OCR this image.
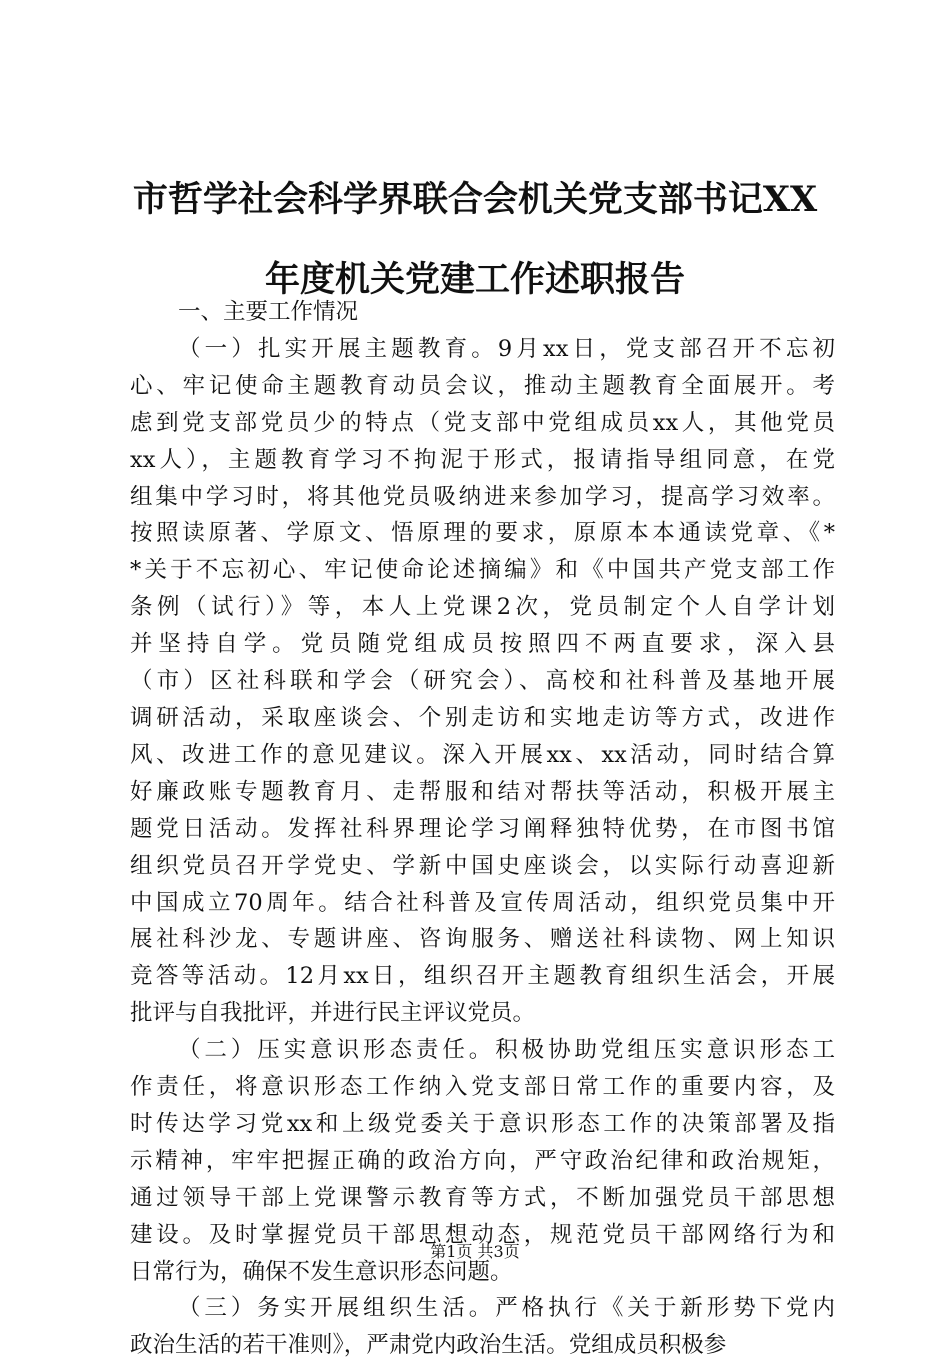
市哲学社会科学界联合会机关党支部书记XX
年度机关党建工作述职报告

一、主要工作情况

（一）扎实开展主题教育。9月xx日，党支部召开不忘初
心、牢记使命主题教育动员会议，推动主题教育全面展开。考
虑到党支部党员少的特点（党支部中党组成员xx人，其他党员
xx人），主题教育学习不拘泥于形式，报请指导组同意，在党
组集中学习时，将其他党员吸纳进来参加学习，提高学习效率。
按照读原著、学原文、悟原理的要求，原原本本通读党章、《*
*关于不忘初心、牢记使命论述摘编》和《中国共产党支部工作
条例（试行）》等，本人上党课2次，党员制定个人自学计划
并坚持自学。党员随党组成员按照四不两直要求，深入县
（市）区社科联和学会（研究会）、高校和社科普及基地开展
调研活动，采取座谈会、个别走访和实地走访等方式，改进作
风、改进工作的意见建议。深入开展xx、xx活动，同时结合算
好廉政账专题教育月、走帮服和结对帮扶等活动，积极开展主
题党日活动。发挥社科界理论学习阐释独特优势，在市图书馆
组织党员召开学党史、学新中国史座谈会，以实际行动喜迎新
中国成立70周年。结合社科普及宣传周活动，组织党员集中开
展社科沙龙、专题讲座、咨询服务、赠送社科读物、网上知识
竞答等活动。12月xx日，组织召开主题教育组织生活会，开展
批评与自我批评，并进行民主评议党员。

（二）压实意识形态责任。积极协助党组压实意识形态工
作责任，将意识形态工作纳入党支部日常工作的重要内容，及
时传达学习党xx和上级党委关于意识形态工作的决策部署及指
示精神，牢牢把握正确的政治方向，严守政治纪律和政治规矩，
通过领导干部上党课警示教育等方式，不断加强党员干部思想
建设。及时掌握党员干部思想动态，规范党员干部网络行为和
日常行为，确保不发生意识形态问题。

（三）务实开展组织生活。严格执行《关于新形势下党内
政治生活的若干准则》，严肃党内政治生活。党组成员积极参

第1页 共3页
